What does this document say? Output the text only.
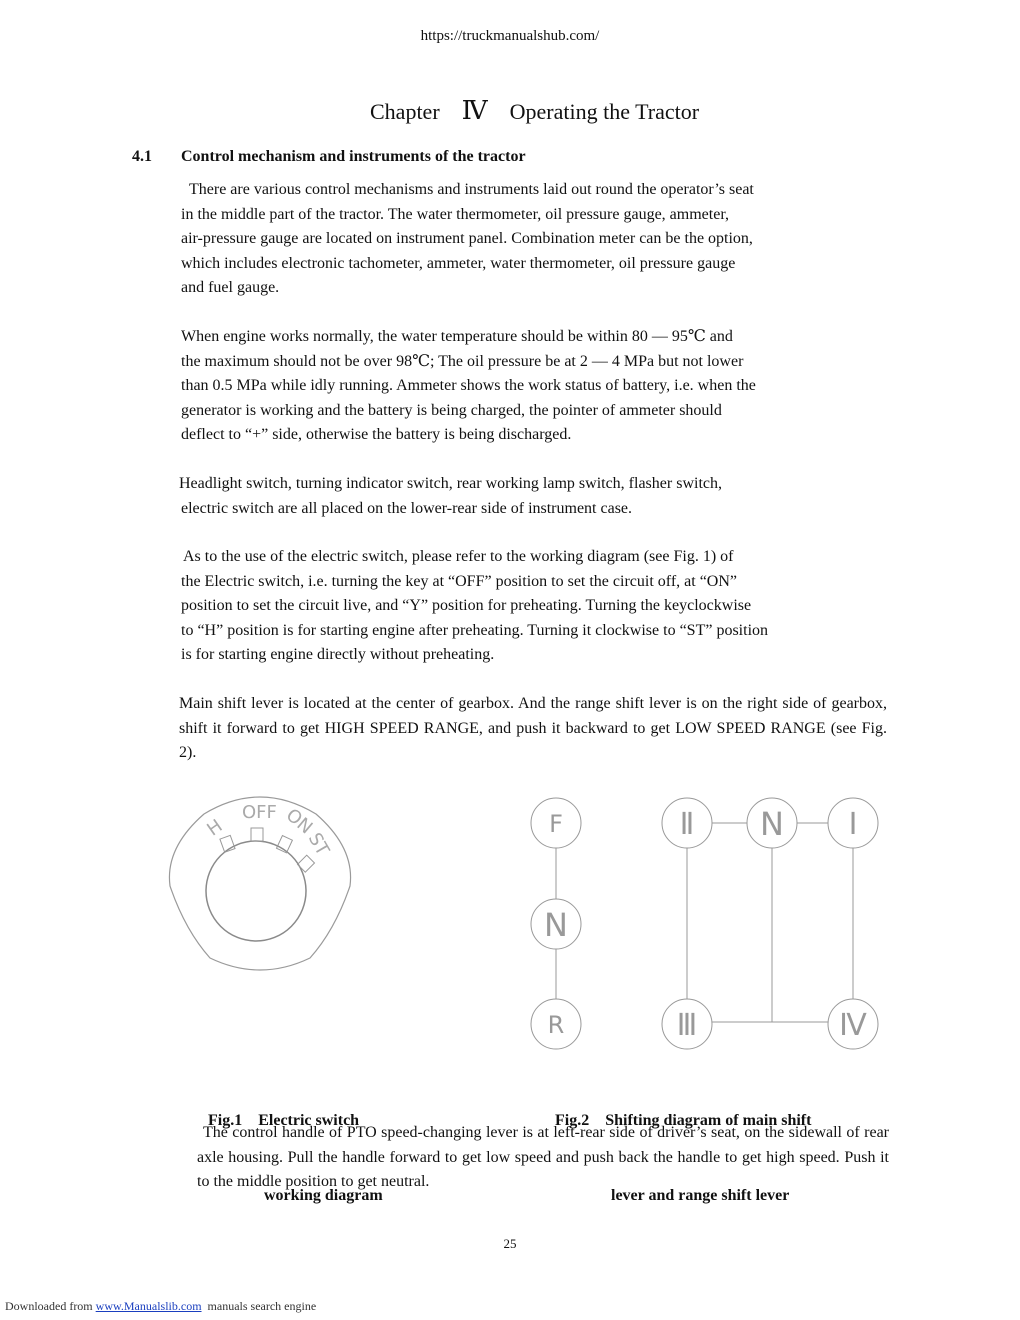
https://truckmanualshub.com/
Chapter Ⅳ Operating the Tractor
4.1 Control mechanism and instruments of the tractor
There are various control mechanisms and instruments laid out round the operator’s seat
in the middle part of the tractor. The water thermometer, oil pressure gauge, ammeter,
air-pressure gauge are located on instrument panel. Combination meter can be the option,
which includes electronic tachometer, ammeter, water thermometer, oil pressure gauge
and fuel gauge.
When engine works normally, the water temperature should be within 80 — 95℃ and
the maximum should not be over 98℃; The oil pressure be at 2 — 4 MPa but not lower
than 0.5 MPa while idly running. Ammeter shows the work status of battery, i.e. when the
generator is working and the battery is being charged, the pointer of ammeter should
deflect to “+” side, otherwise the battery is being discharged.
Headlight switch, turning indicator switch, rear working lamp switch, flasher switch,
electric switch are all placed on the lower-rear side of instrument case.
As to the use of the electric switch, please refer to the working diagram (see Fig. 1) of
the Electric switch, i.e. turning the key at “OFF” position to set the circuit off, at “ON”
position to set the circuit live, and “Y” position for preheating. Turning the keyclockwise
to “H” position is for starting engine after preheating. Turning it clockwise to “ST” position
is for starting engine directly without preheating.

Main shift lever is located at the center of gearbox. And the range shift lever is on the right side of gearbox, shift it forward to get HIGH SPEED RANGE, and push it backward to get LOW SPEED RANGE (see Fig. 2).

H
OFF ON
ST
F
N
R
Ⅱ N Ⅰ
Ⅲ	Ⅳ

Fig.1    Electric switch

working diagram

Fig.2    Shifting diagram of main shift

lever and range shift lever

The control handle of PTO speed-changing lever is at left-rear side of driver’s seat, on the sidewall of rear axle housing. Pull the handle forward to get low speed and push back the handle to get high speed. Push it to the middle position to get neutral.

25
Downloaded from www.Manualslib.com  manuals search engine
